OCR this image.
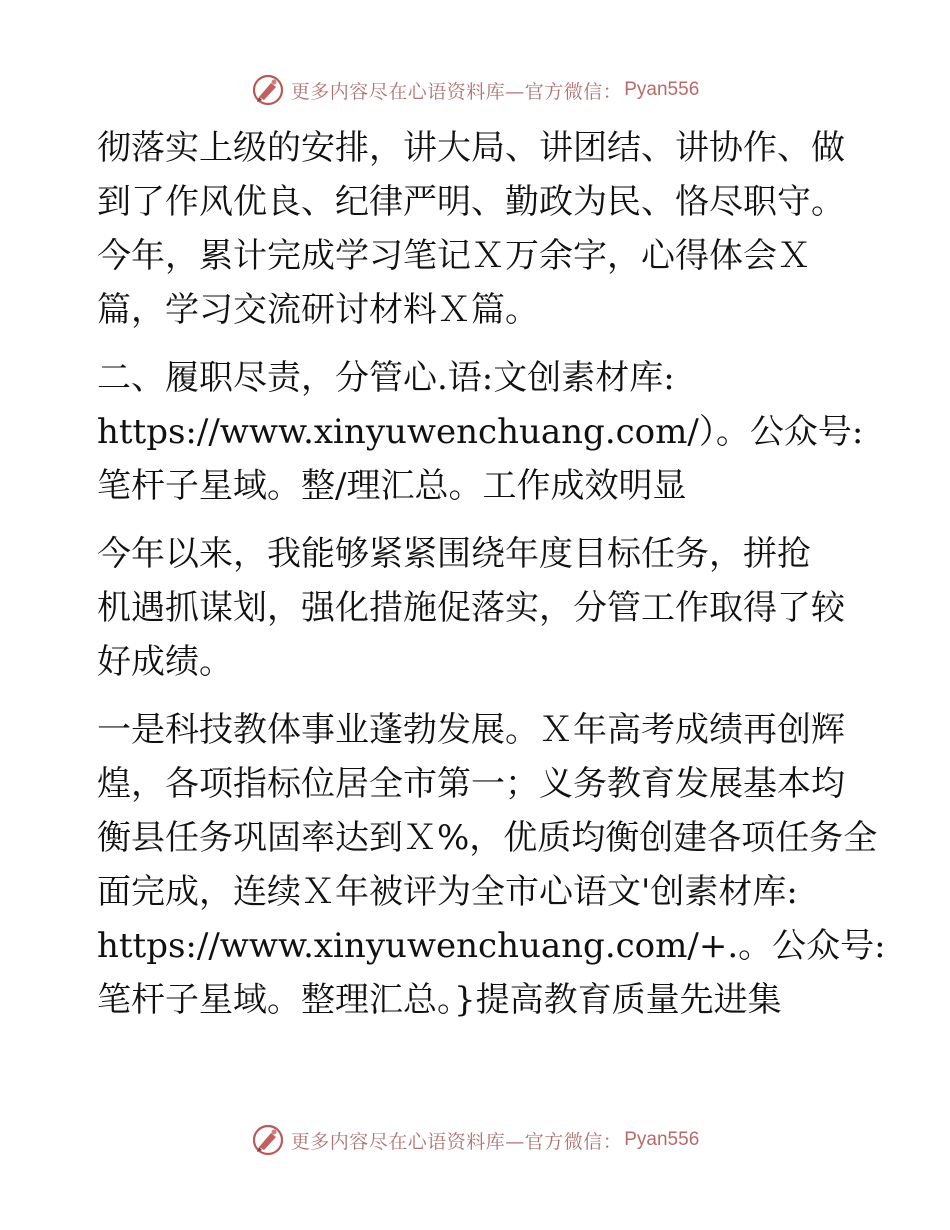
更多内容尽在心语资料库—官方微信： Pyan556

彻落实上级的安排，讲大局、讲团结、讲协作、做
到了作风优良、纪律严明、勤政为民、恪尽职守。
今年，累计完成学习笔记Ｘ万余字，心得体会Ｘ
篇，学习交流研讨材料Ｘ篇。

二、履职尽责，分管心.语:文创素材库:
https://www.xinyuwenchuang.com/）。公众号:
笔杆子星域。整/理汇总。工作成效明显

今年以来，我能够紧紧围绕年度目标任务，拼抢
机遇抓谋划，强化措施促落实，分管工作取得了较
好成绩。

一是科技教体事业蓬勃发展。Ｘ年高考成绩再创辉
煌，各项指标位居全市第一；义务教育发展基本均
衡县任务巩固率达到Ｘ%，优质均衡创建各项任务全
面完成，连续Ｘ年被评为全市心语文'创素材库:
https://www.xinyuwenchuang.com/+.。公众号:
笔杆子星域。整理汇总。}提高教育质量先进集

更多内容尽在心语资料库—官方微信： Pyan556
